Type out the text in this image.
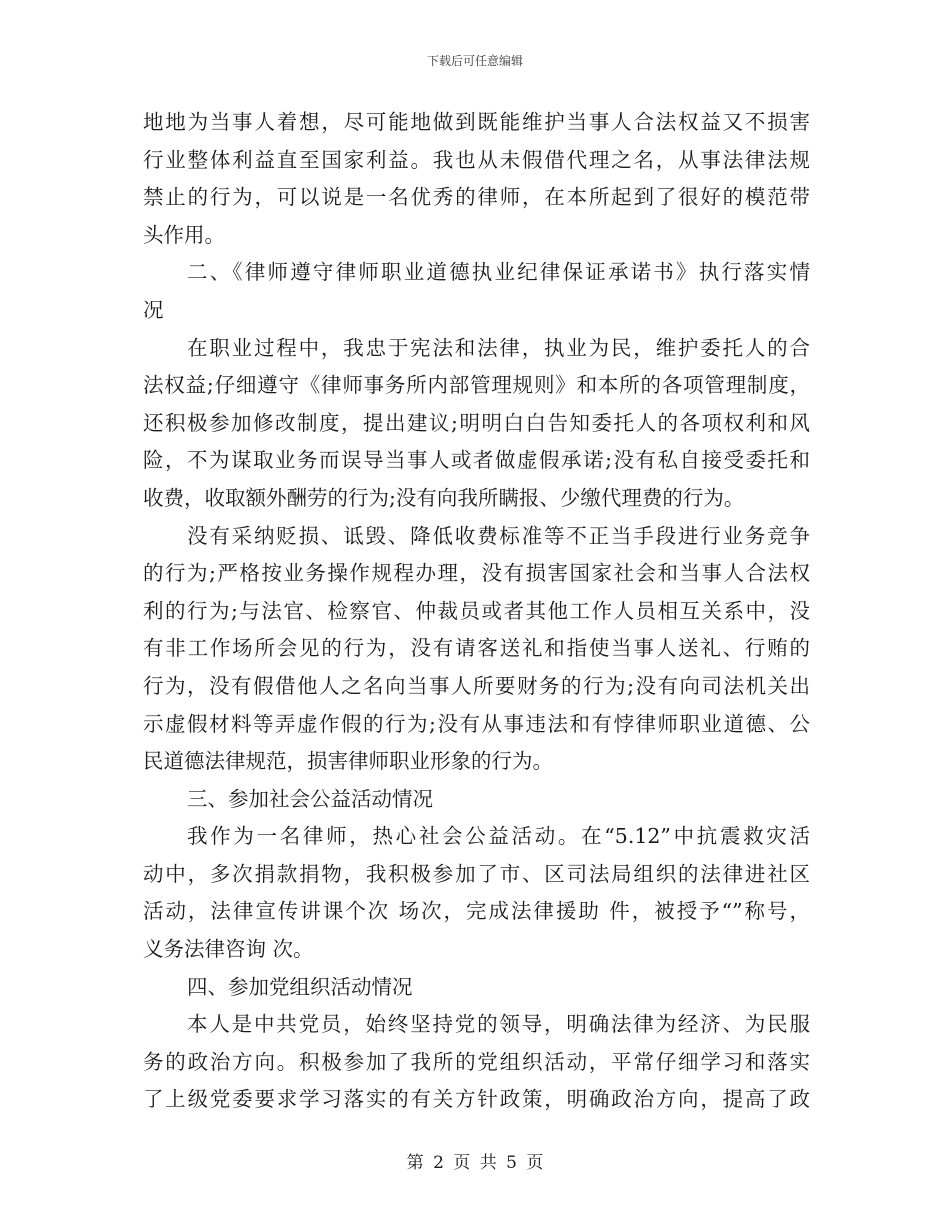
下载后可任意编辑
地地为当事人着想，尽可能地做到既能维护当事人合法权益又不损害
行业整体利益直至国家利益。我也从未假借代理之名，从事法律法规
禁止的行为，可以说是一名优秀的律师，在本所起到了很好的模范带
头作用。
二、《律师遵守律师职业道德执业纪律保证承诺书》执行落实情
况
在职业过程中，我忠于宪法和法律，执业为民，维护委托人的合
法权益;仔细遵守《律师事务所内部管理规则》和本所的各项管理制度，
还积极参加修改制度，提出建议;明明白白告知委托人的各项权利和风
险，不为谋取业务而误导当事人或者做虚假承诺;没有私自接受委托和
收费，收取额外酬劳的行为;没有向我所瞒报、少缴代理费的行为。
没有采纳贬损、诋毁、降低收费标准等不正当手段进行业务竞争
的行为;严格按业务操作规程办理，没有损害国家社会和当事人合法权
利的行为;与法官、检察官、仲裁员或者其他工作人员相互关系中，没
有非工作场所会见的行为，没有请客送礼和指使当事人送礼、行贿的
行为，没有假借他人之名向当事人所要财务的行为;没有向司法机关出
示虚假材料等弄虚作假的行为;没有从事违法和有悖律师职业道德、公
民道德法律规范，损害律师职业形象的行为。
三、参加社会公益活动情况
我作为一名律师，热心社会公益活动。在“5.12”中抗震救灾活
动中，多次捐款捐物，我积极参加了市、区司法局组织的法律进社区
活动，法律宣传讲课个次 场次，完成法律援助 件，被授予“”称号，
义务法律咨询 次。
四、参加党组织活动情况
本人是中共党员，始终坚持党的领导，明确法律为经济、为民服
务的政治方向。积极参加了我所的党组织活动，平常仔细学习和落实
了上级党委要求学习落实的有关方针政策，明确政治方向，提高了政
第 2 页 共 5 页
